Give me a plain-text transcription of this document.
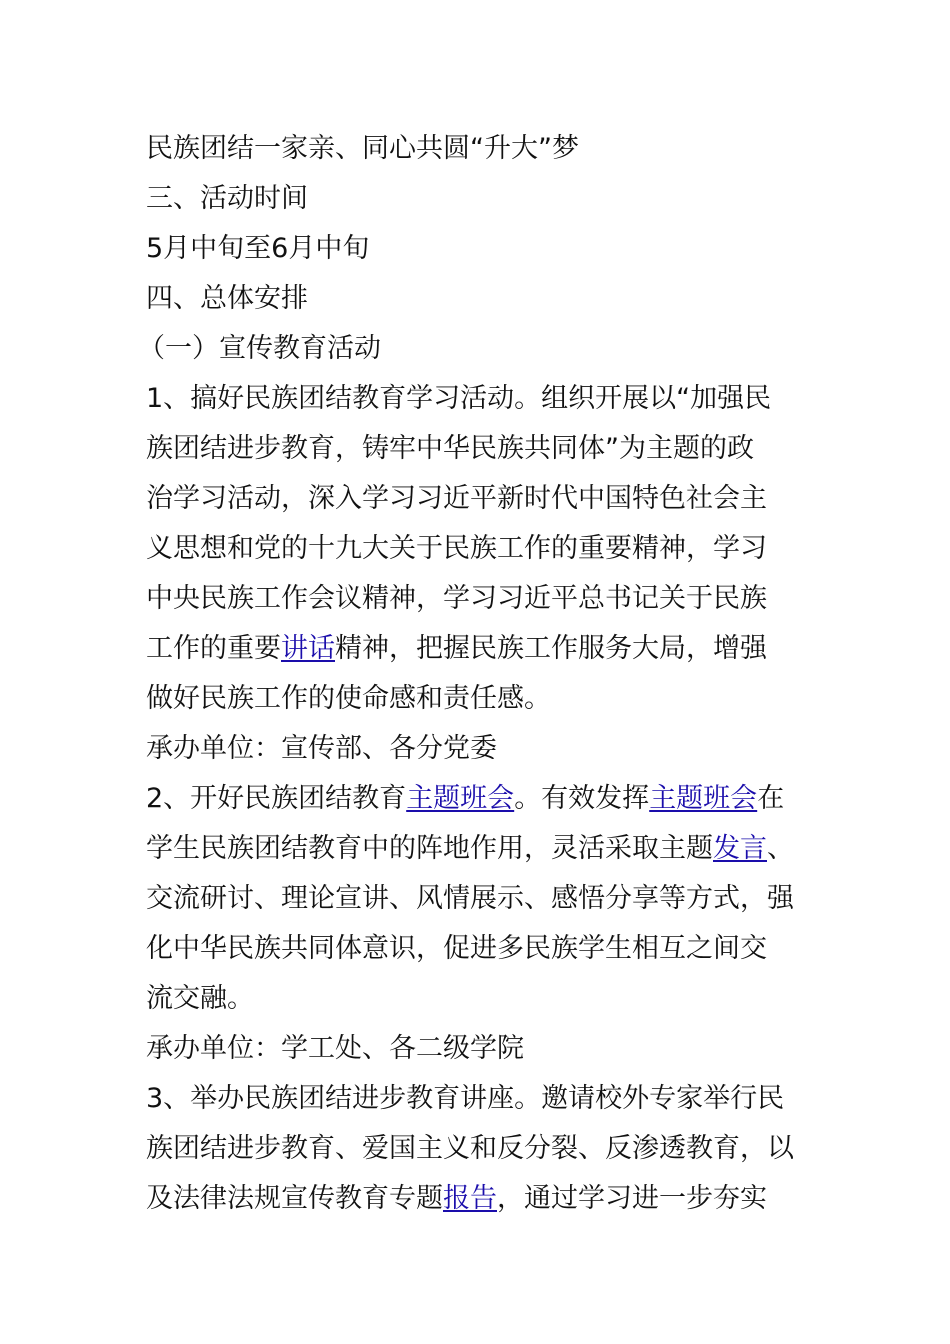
民族团结一家亲、同心共圆“升大”梦
三、活动时间
5月中旬至6月中旬
四、总体安排
（一）宣传教育活动
1、搞好民族团结教育学习活动。组织开展以“加强民
族团结进步教育，铸牢中华民族共同体”为主题的政
治学习活动，深入学习习近平新时代中国特色社会主
义思想和党的十九大关于民族工作的重要精神，学习
中央民族工作会议精神，学习习近平总书记关于民族
工作的重要讲话精神，把握民族工作服务大局，增强
做好民族工作的使命感和责任感。
承办单位：宣传部、各分党委
2、开好民族团结教育主题班会。有效发挥主题班会在
学生民族团结教育中的阵地作用，灵活采取主题发言、
交流研讨、理论宣讲、风情展示、感悟分享等方式，强
化中华民族共同体意识，促进多民族学生相互之间交
流交融。
承办单位：学工处、各二级学院
3、举办民族团结进步教育讲座。邀请校外专家举行民
族团结进步教育、爱国主义和反分裂、反渗透教育，以
及法律法规宣传教育专题报告，通过学习进一步夯实
